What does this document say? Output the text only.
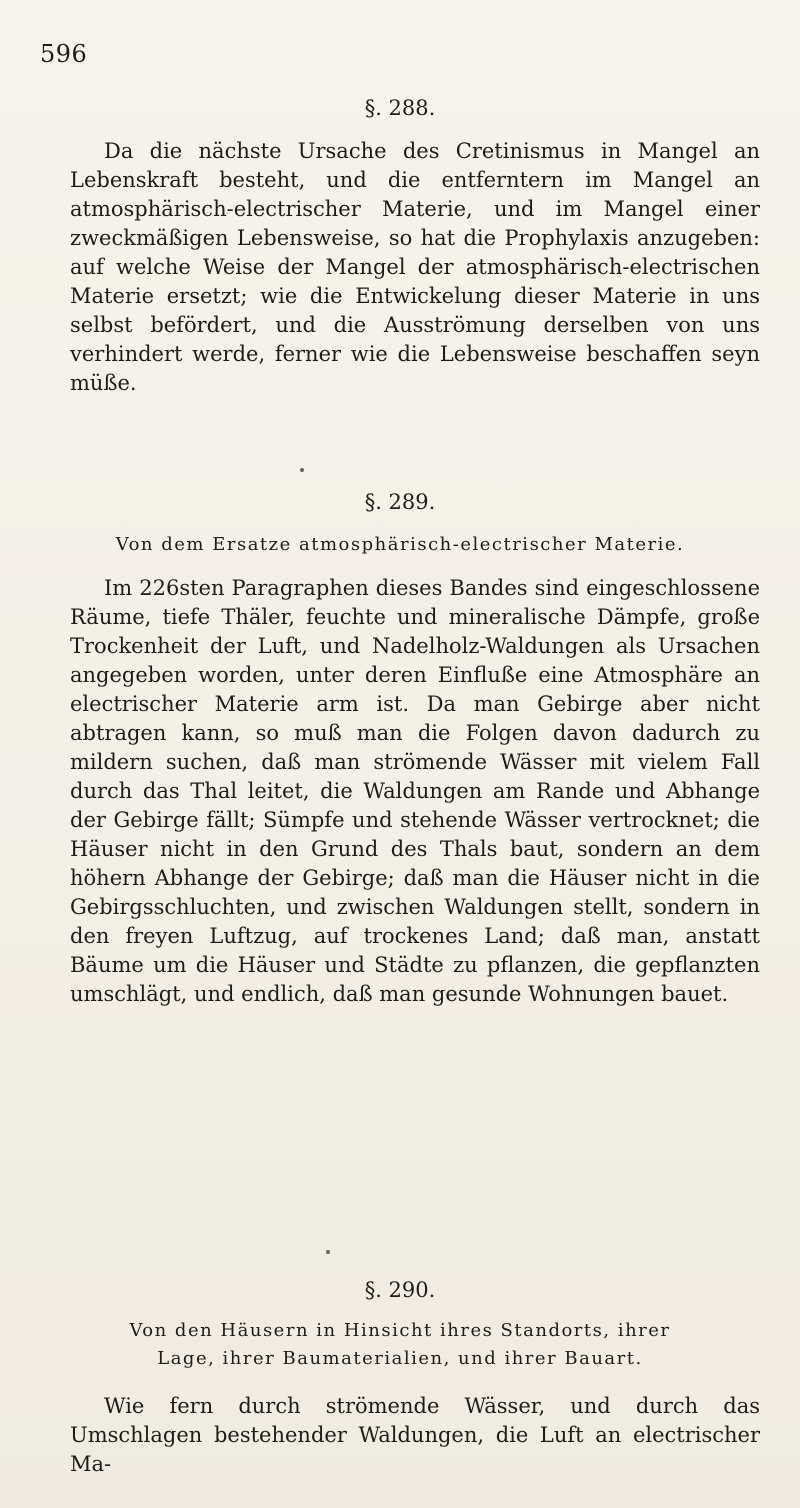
596
§. 288.
Da die nächste Ursache des Cretinismus in Mangel an Lebenskraft besteht, und die entferntern im Mangel an atmosphärisch-electrischer Materie, und im Mangel einer zweckmäßigen Lebensweise, so hat die Prophylaxis anzugeben: auf welche Weise der Mangel der atmosphärisch-electrischen Materie ersetzt; wie die Entwickelung dieser Materie in uns selbst befördert, und die Ausströmung derselben von uns verhindert werde, ferner wie die Lebensweise beschaffen seyn müße.
§. 289.
Von dem Ersatze atmosphärisch-electrischer Materie.
Im 226sten Paragraphen dieses Bandes sind eingeschlossene Räume, tiefe Thäler, feuchte und mineralische Dämpfe, große Trockenheit der Luft, und Nadelholz-Waldungen als Ursachen angegeben worden, unter deren Einfluße eine Atmosphäre an electrischer Materie arm ist. Da man Gebirge aber nicht abtragen kann, so muß man die Folgen davon dadurch zu mildern suchen, daß man strömende Wässer mit vielem Fall durch das Thal leitet, die Waldungen am Rande und Abhange der Gebirge fällt; Sümpfe und stehende Wässer vertrocknet; die Häuser nicht in den Grund des Thals baut, sondern an dem höhern Abhange der Gebirge; daß man die Häuser nicht in die Gebirgsschluchten, und zwischen Waldungen stellt, sondern in den freyen Luftzug, auf trockenes Land; daß man, anstatt Bäume um die Häuser und Städte zu pflanzen, die gepflanzten umschlägt, und endlich, daß man gesunde Wohnungen bauet.
§. 290.
Von den Häusern in Hinsicht ihres Standorts, ihrer
Lage, ihrer Baumaterialien, und ihrer Bauart.
Wie fern durch strömende Wässer, und durch das Umschlagen bestehender Waldungen, die Luft an electrischer Ma-
